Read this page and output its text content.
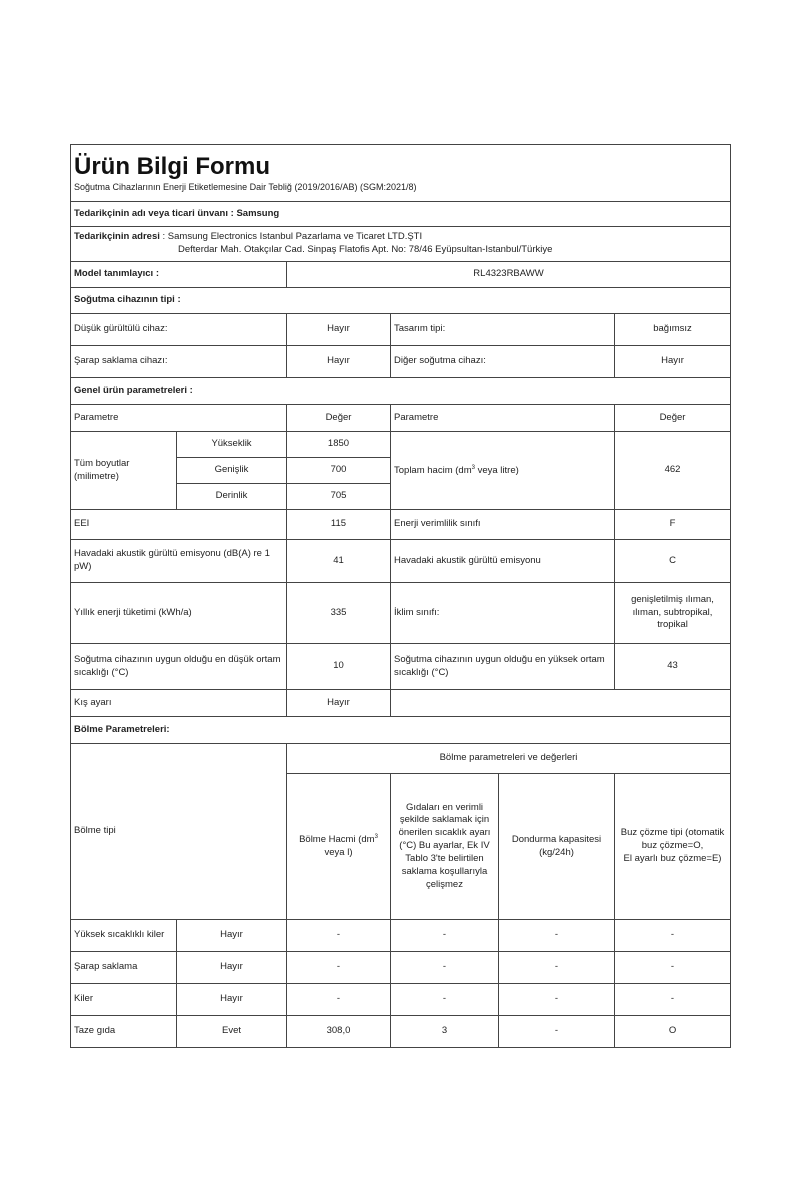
Ürün Bilgi Formu
Soğutma Cihazlarının Enerji Etiketlemesine Dair Tebliğ (2019/2016/AB) (SGM:2021/8)					

Tedarikçinin adı veya ticari ünvanı : Samsung					

Tedarikçinin adresi : Samsung Electronics Istanbul Pazarlama ve Ticaret LTD.ŞTI
Defterdar Mah. Otakçılar Cad. Sinpaş Flatofis Apt. No: 78/46 Eyüpsultan-Istanbul/Türkiye					

Model tanımlayıcı :		RL4323RBAWW			
Soğutma cihazının tipi :					
Düşük gürültülü cihaz:		Hayır	Tasarım tipi:		bağımsız
Şarap saklama cihazı:		Hayır	Diğer soğutma cihazı:		Hayır
Genel ürün parametreleri :					
Parametre		Değer	Parametre		Değer
Tüm boyutlar (milimetre)	Yükseklik	1850	Toplam hacim ($dm^3$ veya litre)		462
	Genişlik	700			
	Derinlik	705			
EEI		115	Enerji verimlilik sınıfı		F
Havadaki akustik gürültü emisyonu (dB(A) re 1 pW)		41	Havadaki akustik gürültü emisyonu		C
Yıllık enerji tüketimi (kWh/a)		335	İklim sınıfı:		genişletilmiş ılıman, ılıman, subtropikal, tropikal
Soğutma cihazının uygun olduğu en düşük ortam sıcaklığı (°C)		10	Soğutma cihazının uygun olduğu en yüksek ortam sıcaklığı (°C)		43
Kış ayarı		Hayır			
Bölme Parametreleri:					
Bölme tipi		Bölme parametreleri ve değerleri			
		Bölme Hacmi ($dm^3$ veya l)	Gıdaları en verimli şekilde saklamak için önerilen sıcaklık ayarı (°C) Bu ayarlar, Ek IV Tablo 3'te belirtilen saklama koşullarıyla çelişmez	Dondurma kapasitesi (kg/24h)	Buz çözme tipi (otomatik buz çözme=O,
El ayarlı buz çözme=E)

Yüksek sıcaklıklı kiler	Hayır	-	-	-	-
Şarap saklama	Hayır	-	-	-	-
Kiler	Hayır	-	-	-	-
Taze gıda	Evet	308,0	3	-	O
